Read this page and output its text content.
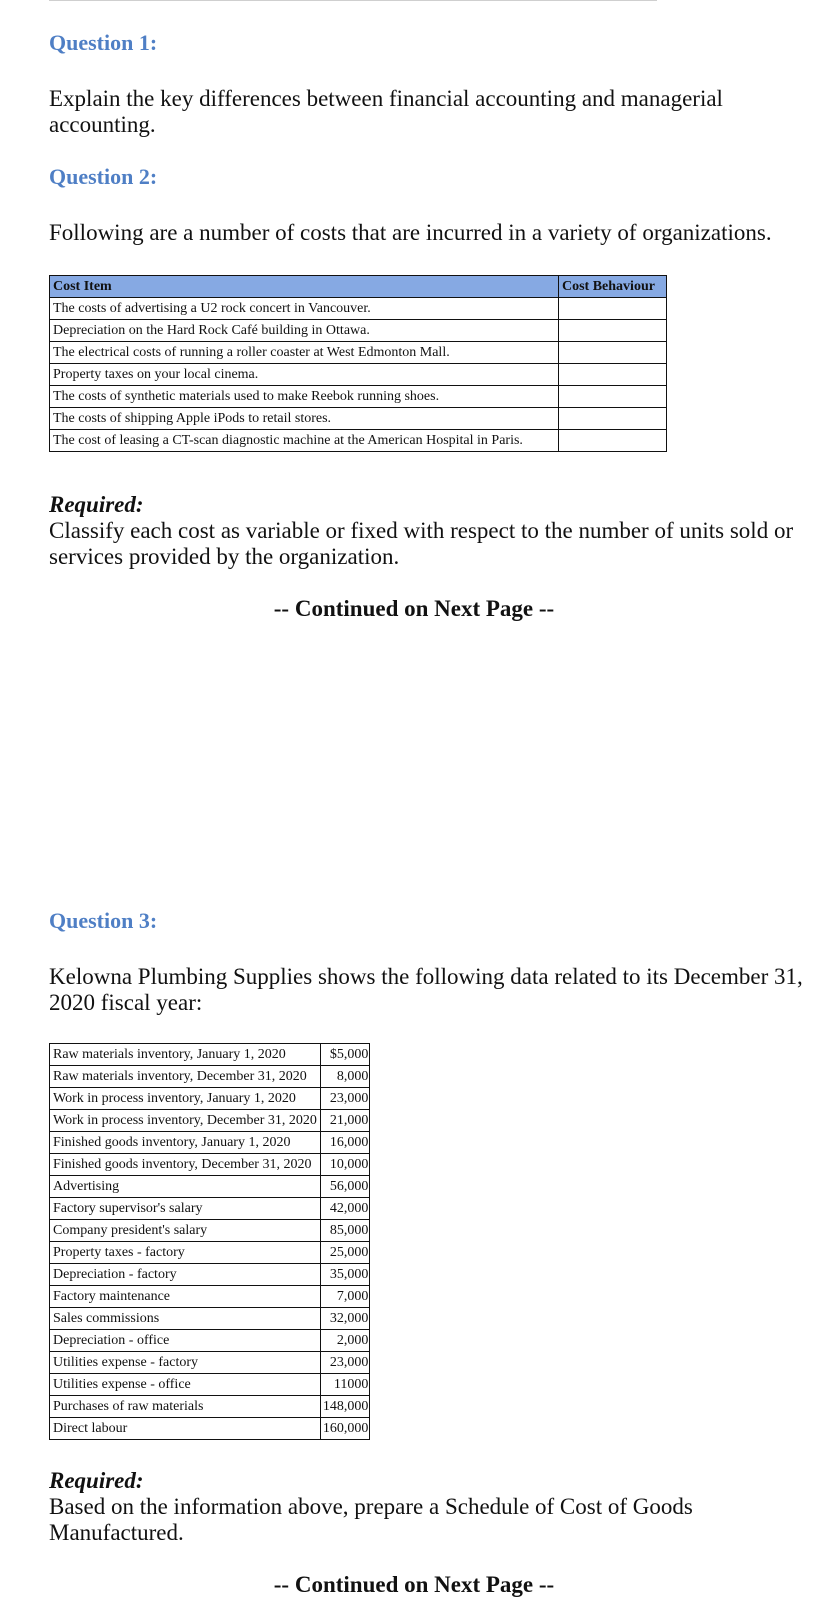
Question 1:

Explain the key differences between financial accounting and managerial accounting.

Question 2:

Following are a number of costs that are incurred in a variety of organizations.

Cost Item	Cost Behaviour
The costs of advertising a U2 rock concert in Vancouver.	
Depreciation on the Hard Rock Café building in Ottawa.	
The electrical costs of running a roller coaster at West Edmonton Mall.	
Property taxes on your local cinema.	
The costs of synthetic materials used to make Reebok running shoes.	
The costs of shipping Apple iPods to retail stores.	
The cost of leasing a CT-scan diagnostic machine at the American Hospital in Paris.	
Required:
Classify each cost as variable or fixed with respect to the number of units sold or services provided by the organization.

-- Continued on Next Page --

Question 3:

Kelowna Plumbing Supplies shows the following data related to its December 31, 2020 fiscal year:

Raw materials inventory, January 1, 2020	$5,000
Raw materials inventory, December 31, 2020	8,000
Work in process inventory, January 1, 2020	23,000
Work in process inventory, December 31, 2020	21,000
Finished goods inventory, January 1, 2020	16,000
Finished goods inventory, December 31, 2020	10,000
Advertising	56,000
Factory supervisor's salary	42,000
Company president's salary	85,000
Property taxes - factory	25,000
Depreciation - factory	35,000
Factory maintenance	7,000
Sales commissions	32,000
Depreciation - office	2,000
Utilities expense - factory	23,000
Utilities expense - office	11000
Purchases of raw materials	148,000
Direct labour	160,000
Required:
Based on the information above, prepare a Schedule of Cost of Goods Manufactured.

-- Continued on Next Page --
